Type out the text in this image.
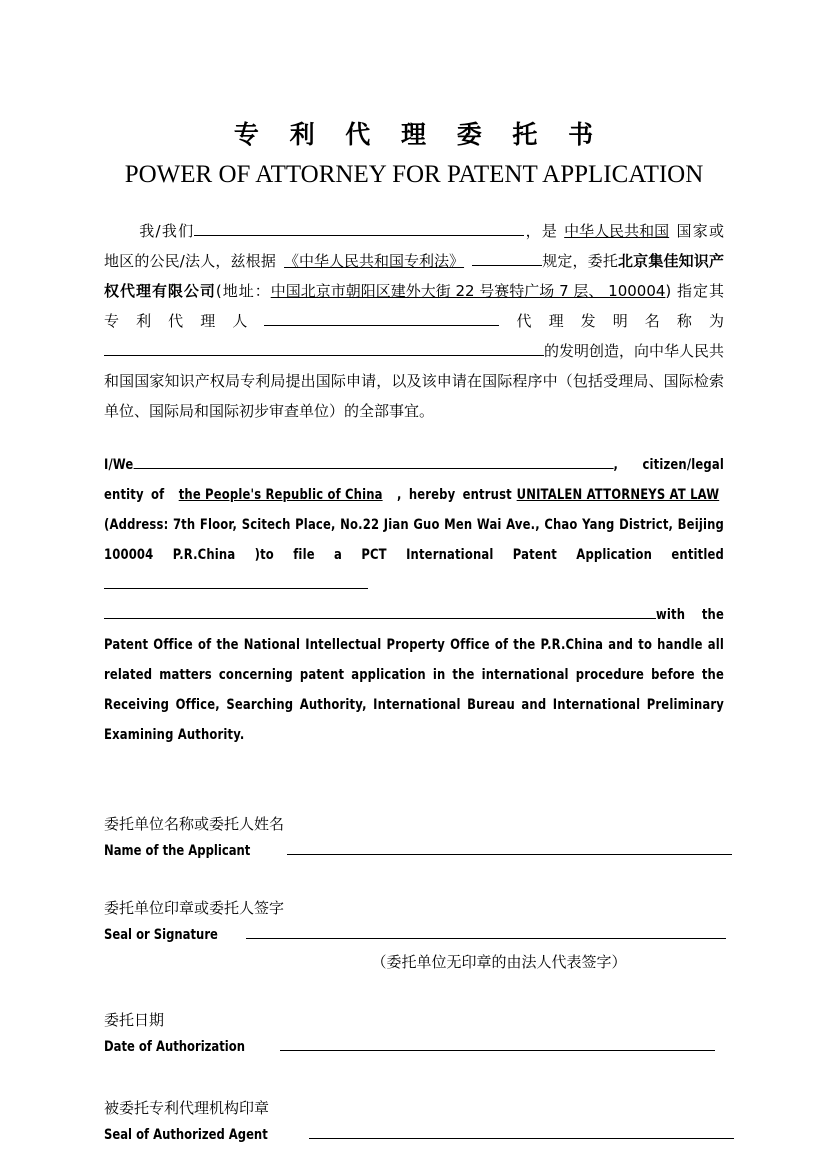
专 利 代 理 委 托 书
POWER OF ATTORNEY FOR PATENT APPLICATION

我/我们	，是 中华人民共和国 国家或地区的公民/法人，兹根据 《中华人民共和国专利法》	规定，委托北京集佳知识产权代理有限公司(地址：中国北京市朝阳区建外大街 22 号赛特广场 7 层、 100004) 指定其专利代理人	代理发明名称为的发明创造，向中华人民共和国国家知识产权局专利局提出国际申请，以及该申请在国际程序中（包括受理局、国际检索单位、国际局和国际初步审查单位）的全部事宜。

I/We	, citizen/legal entity of the People's Republic of China , hereby entrust UNITALEN ATTORNEYS AT LAW (Address: 7th Floor, Scitech Place, No.22 Jian Guo Men Wai Ave., Chao Yang District, Beijing 100004 P.R.China )to file a PCT International Patent Application entitledwith the Patent Office of the National Intellectual Property Office of the P.R.China and to handle all related matters concerning patent application in the international procedure before the Receiving Office, Searching Authority, International Bureau and International Preliminary Examining Authority.

委托单位名称或委托人姓名
Name of the Applicant
委托单位印章或委托人签字
Seal or Signature
（委托单位无印章的由法人代表签字）
委托日期
Date of Authorization
被委托专利代理机构印章
Seal of Authorized Agent
